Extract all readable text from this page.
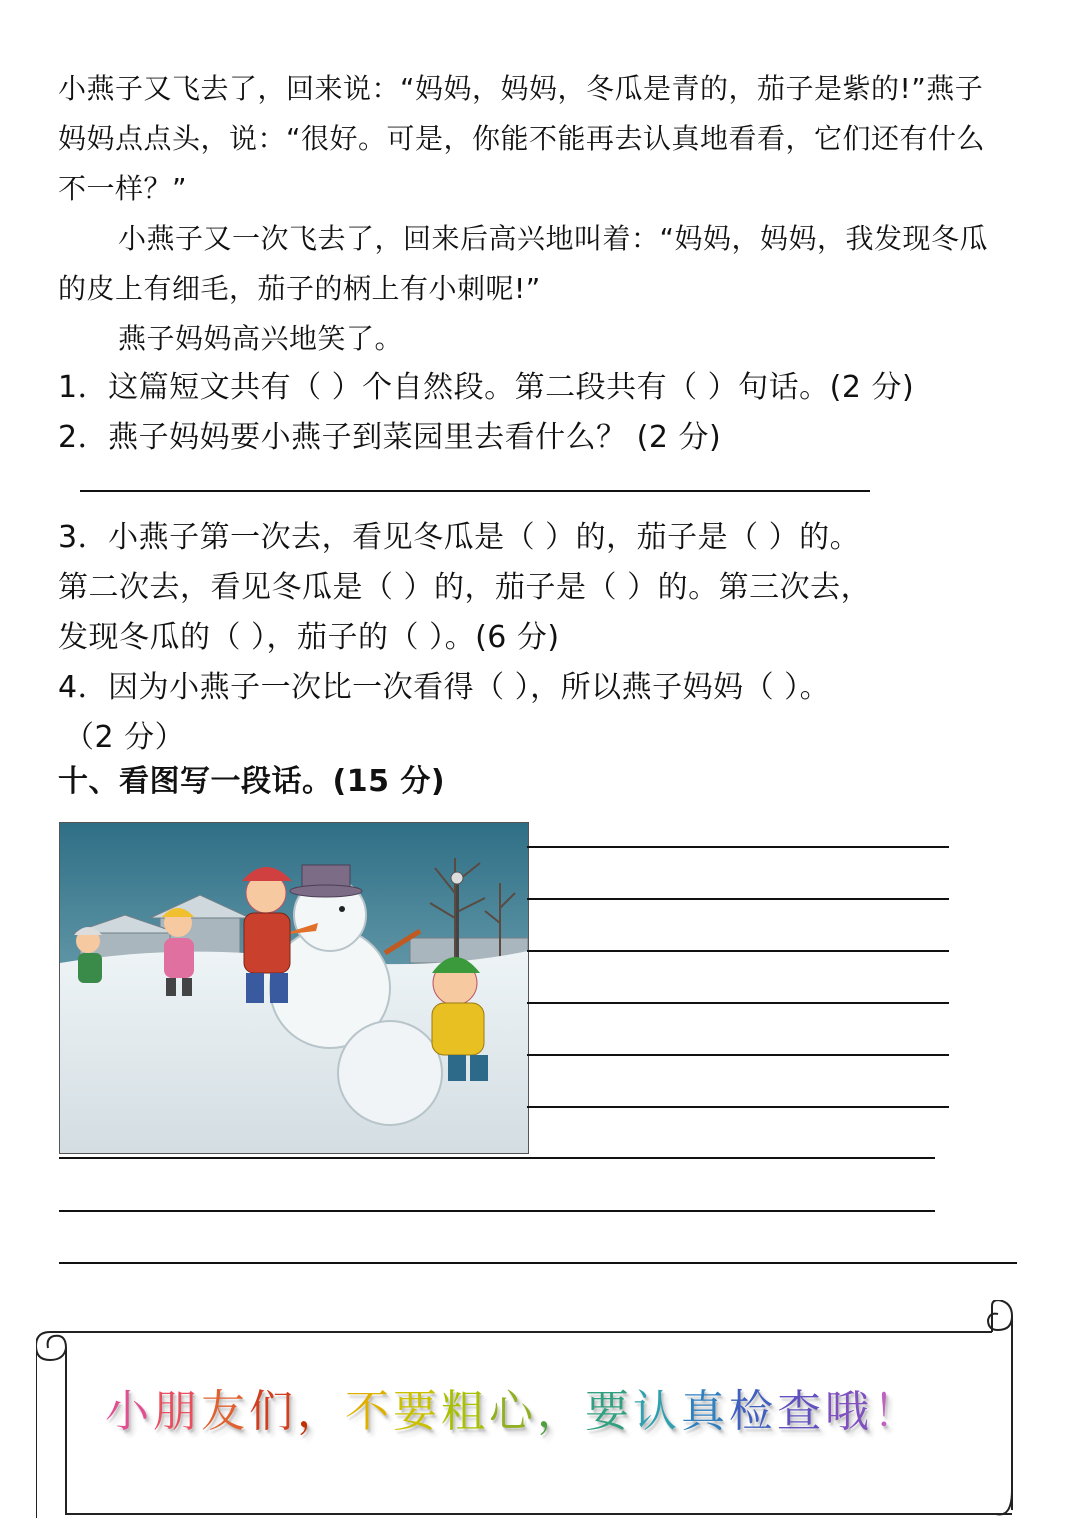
小燕子又飞去了，回来说：“妈妈，妈妈，冬瓜是青的，茄子是紫的!”燕子
妈妈点点头，说：“很好。可是，你能不能再去认真地看看，它们还有什么
不一样？”
小燕子又一次飞去了，回来后高兴地叫着：“妈妈，妈妈，我发现冬瓜
的皮上有细毛，茄子的柄上有小刺呢!”
燕子妈妈高兴地笑了。
1．这篇短文共有（ ）个自然段。第二段共有（ ）句话。(2 分)
2．燕子妈妈要小燕子到菜园里去看什么？ (2 分)
3．小燕子第一次去，看见冬瓜是（ ）的，茄子是（ ）的。
第二次去，看见冬瓜是（ ）的，茄子是（ ）的。第三次去，
发现冬瓜的（ ），茄子的（ ）。(6 分)
4．因为小燕子一次比一次看得（ ），所以燕子妈妈（ ）。
（2 分）
十、看图写一段话。(15 分)
小朋友们，不要粗心，要认真检查哦！
